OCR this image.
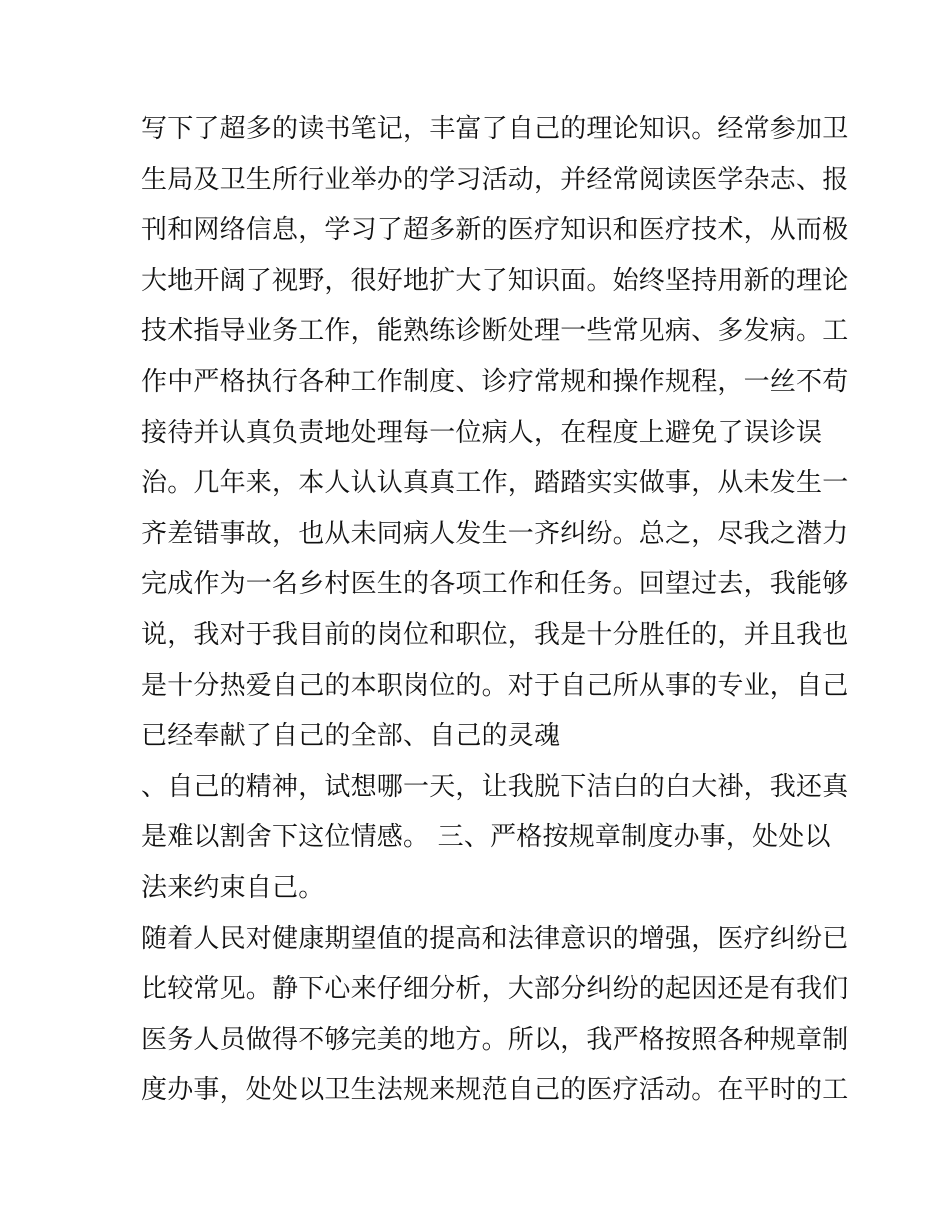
写下了超多的读书笔记，丰富了自己的理论知识。经常参加卫
生局及卫生所行业举办的学习活动，并经常阅读医学杂志、报
刊和网络信息，学习了超多新的医疗知识和医疗技术，从而极
大地开阔了视野，很好地扩大了知识面。始终坚持用新的理论
技术指导业务工作，能熟练诊断处理一些常见病、多发病。工
作中严格执行各种工作制度、诊疗常规和操作规程，一丝不苟
接待并认真负责地处理每一位病人，在程度上避免了误诊误
治。几年来，本人认认真真工作，踏踏实实做事，从未发生一
齐差错事故，也从未同病人发生一齐纠纷。总之，尽我之潜力
完成作为一名乡村医生的各项工作和任务。回望过去，我能够
说，我对于我目前的岗位和职位，我是十分胜任的，并且我也
是十分热爱自己的本职岗位的。对于自己所从事的专业，自己
已经奉献了自己的全部、自己的灵魂
、自己的精神，试想哪一天，让我脱下洁白的白大褂，我还真
是难以割舍下这位情感。 三、严格按规章制度办事，处处以
法来约束自己。
随着人民对健康期望值的提高和法律意识的增强，医疗纠纷已
比较常见。静下心来仔细分析，大部分纠纷的起因还是有我们
医务人员做得不够完美的地方。所以，我严格按照各种规章制
度办事，处处以卫生法规来规范自己的医疗活动。在平时的工
